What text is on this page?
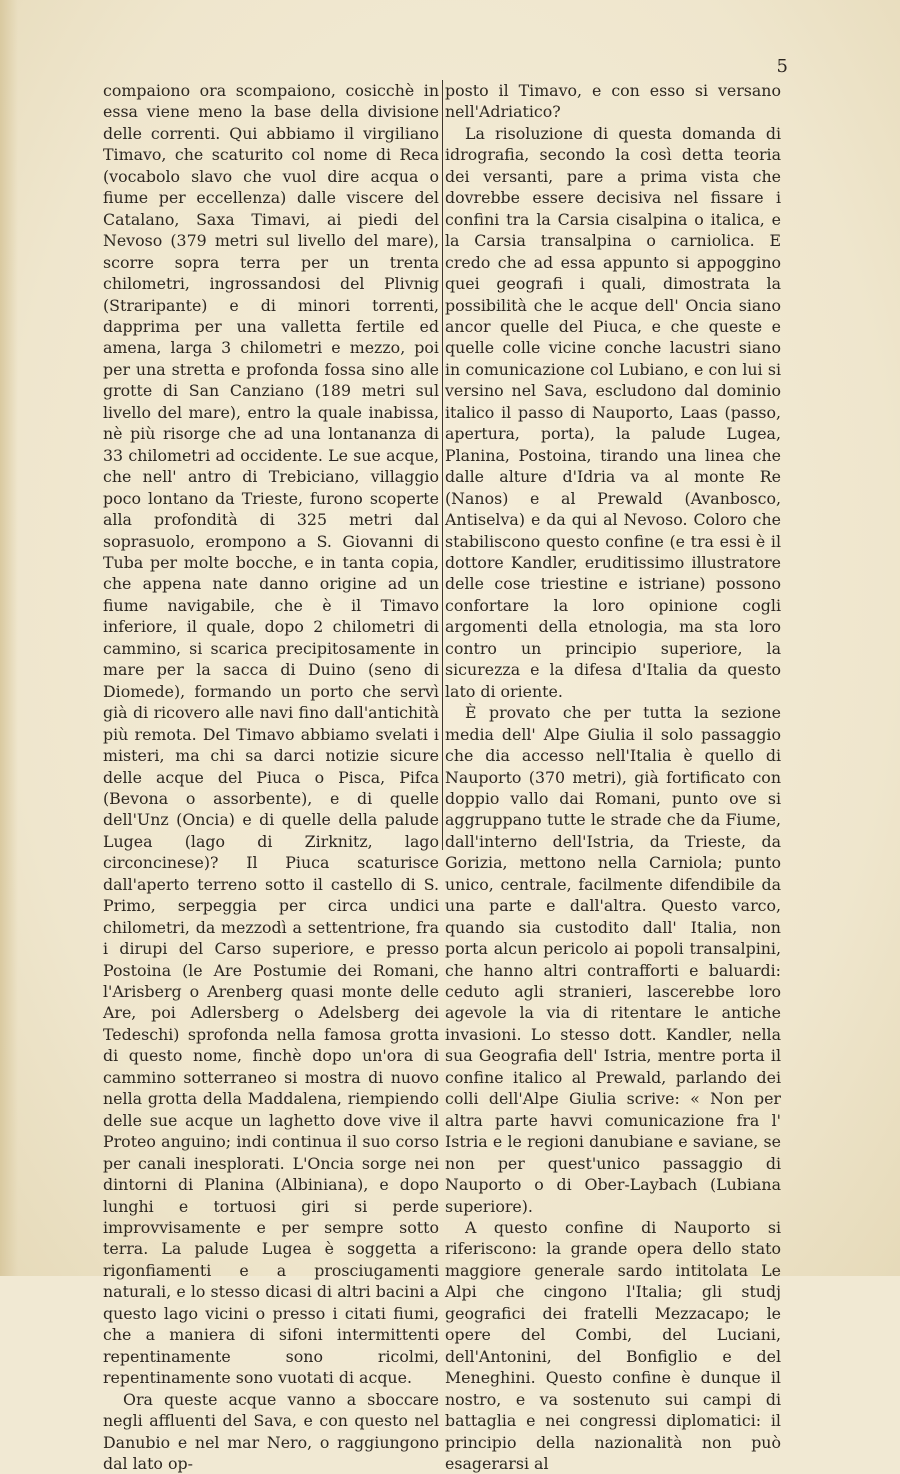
5

compaiono ora scompaiono, cosicchè in essa viene meno la base della divisione delle correnti. Qui abbiamo il virgiliano Timavo, che scaturito col nome di Reca (vocabolo slavo che vuol dire acqua o fiume per eccellenza) dalle viscere del Catalano, Saxa Timavi, ai piedi del Nevoso (379 metri sul livello del mare), scorre sopra terra per un trenta chilometri, ingrossandosi del Plivnig (Straripante) e di minori torrenti, dapprima per una valletta fertile ed amena, larga 3 chilometri e mezzo, poi per una stretta e profonda fossa sino alle grotte di San Canziano (189 metri sul livello del mare), entro la quale inabissa, nè più risorge che ad una lontananza di 33 chilometri ad occidente. Le sue acque, che nell' antro di Trebiciano, villaggio poco lontano da Trieste, furono scoperte alla profondità di 325 metri dal soprasuolo, erompono a S. Giovanni di Tuba per molte bocche, e in tanta copia, che appena nate danno origine ad un fiume navigabile, che è il Timavo inferiore, il quale, dopo 2 chilometri di cammino, si scarica precipitosamente in mare per la sacca di Duino (seno di Diomede), formando un porto che servì già di ricovero alle navi fino dall'antichità più remota. Del Timavo abbiamo svelati i misteri, ma chi sa darci notizie sicure delle acque del Piuca o Pisca, Pifca (Bevona o assorbente), e di quelle dell'Unz (Oncia) e di quelle della palude Lugea (lago di Zirknitz, lago circoncinese)? Il Piuca scaturisce dall'aperto terreno sotto il castello di S. Primo, serpeggia per circa undici chilometri, da mezzodì a settentrione, fra i dirupi del Carso superiore, e presso Postoina (le Are Postumie dei Romani, l'Arisberg o Arenberg quasi monte delle Are, poi Adlersberg o Adelsberg dei Tedeschi) sprofonda nella famosa grotta di questo nome, finchè dopo un'ora di cammino sotterraneo si mostra di nuovo nella grotta della Maddalena, riempiendo delle sue acque un laghetto dove vive il Proteo anguino; indi continua il suo corso per canali inesplorati. L'Oncia sorge nei dintorni di Planina (Albiniana), e dopo lunghi e tortuosi giri si perde improvvisamente e per sempre sotto terra. La palude Lugea è soggetta a rigonfiamenti e a prosciugamenti naturali, e lo stesso dicasi di altri bacini a questo lago vicini o presso i citati fiumi, che a maniera di sifoni intermittenti repentinamente sono ricolmi, repentinamente sono vuotati di acque.

Ora queste acque vanno a sboccare negli affluenti del Sava, e con questo nel Danubio e nel mar Nero, o raggiungono dal lato op-

posto il Timavo, e con esso si versano nell'Adriatico?

La risoluzione di questa domanda di idrografia, secondo la così detta teoria dei versanti, pare a prima vista che dovrebbe essere decisiva nel fissare i confini tra la Carsia cisalpina o italica, e la Carsia transalpina o carniolica. E credo che ad essa appunto si appoggino quei geografi i quali, dimostrata la possibilità che le acque dell' Oncia siano ancor quelle del Piuca, e che queste e quelle colle vicine conche lacustri siano in comunicazione col Lubiano, e con lui si versino nel Sava, escludono dal dominio italico il passo di Nauporto, Laas (passo, apertura, porta), la palude Lugea, Planina, Postoina, tirando una linea che dalle alture d'Idria va al monte Re (Nanos) e al Prewald (Avanbosco, Antiselva) e da qui al Nevoso. Coloro che stabiliscono questo confine (e tra essi è il dottore Kandler, eruditissimo illustratore delle cose triestine e istriane) possono confortare la loro opinione cogli argomenti della etnologia, ma sta loro contro un principio superiore, la sicurezza e la difesa d'Italia da questo lato di oriente.

È provato che per tutta la sezione media dell' Alpe Giulia il solo passaggio che dia accesso nell'Italia è quello di Nauporto (370 metri), già fortificato con doppio vallo dai Romani, punto ove si aggruppano tutte le strade che da Fiume, dall'interno dell'Istria, da Trieste, da Gorizia, mettono nella Carniola; punto unico, centrale, facilmente difendibile da una parte e dall'altra. Questo varco, quando sia custodito dall' Italia, non porta alcun pericolo ai popoli transalpini, che hanno altri contrafforti e baluardi: ceduto agli stranieri, lascerebbe loro agevole la via di ritentare le antiche invasioni. Lo stesso dott. Kandler, nella sua Geografia dell' Istria, mentre porta il confine italico al Prewald, parlando dei colli dell'Alpe Giulia scrive: « Non per altra parte havvi comunicazione fra l' Istria e le regioni danubiane e saviane, se non per quest'unico passaggio di Nauporto o di Ober-Laybach (Lubiana superiore).

A questo confine di Nauporto si riferiscono: la grande opera dello stato maggiore generale sardo intitolata Le Alpi che cingono l'Italia; gli studj geografici dei fratelli Mezzacapo; le opere del Combi, del Luciani, dell'Antonini, del Bonfiglio e del Meneghini. Questo confine è dunque il nostro, e va sostenuto sui campi di battaglia e nei congressi diplomatici: il principio della nazionalità non può esagerarsi al
